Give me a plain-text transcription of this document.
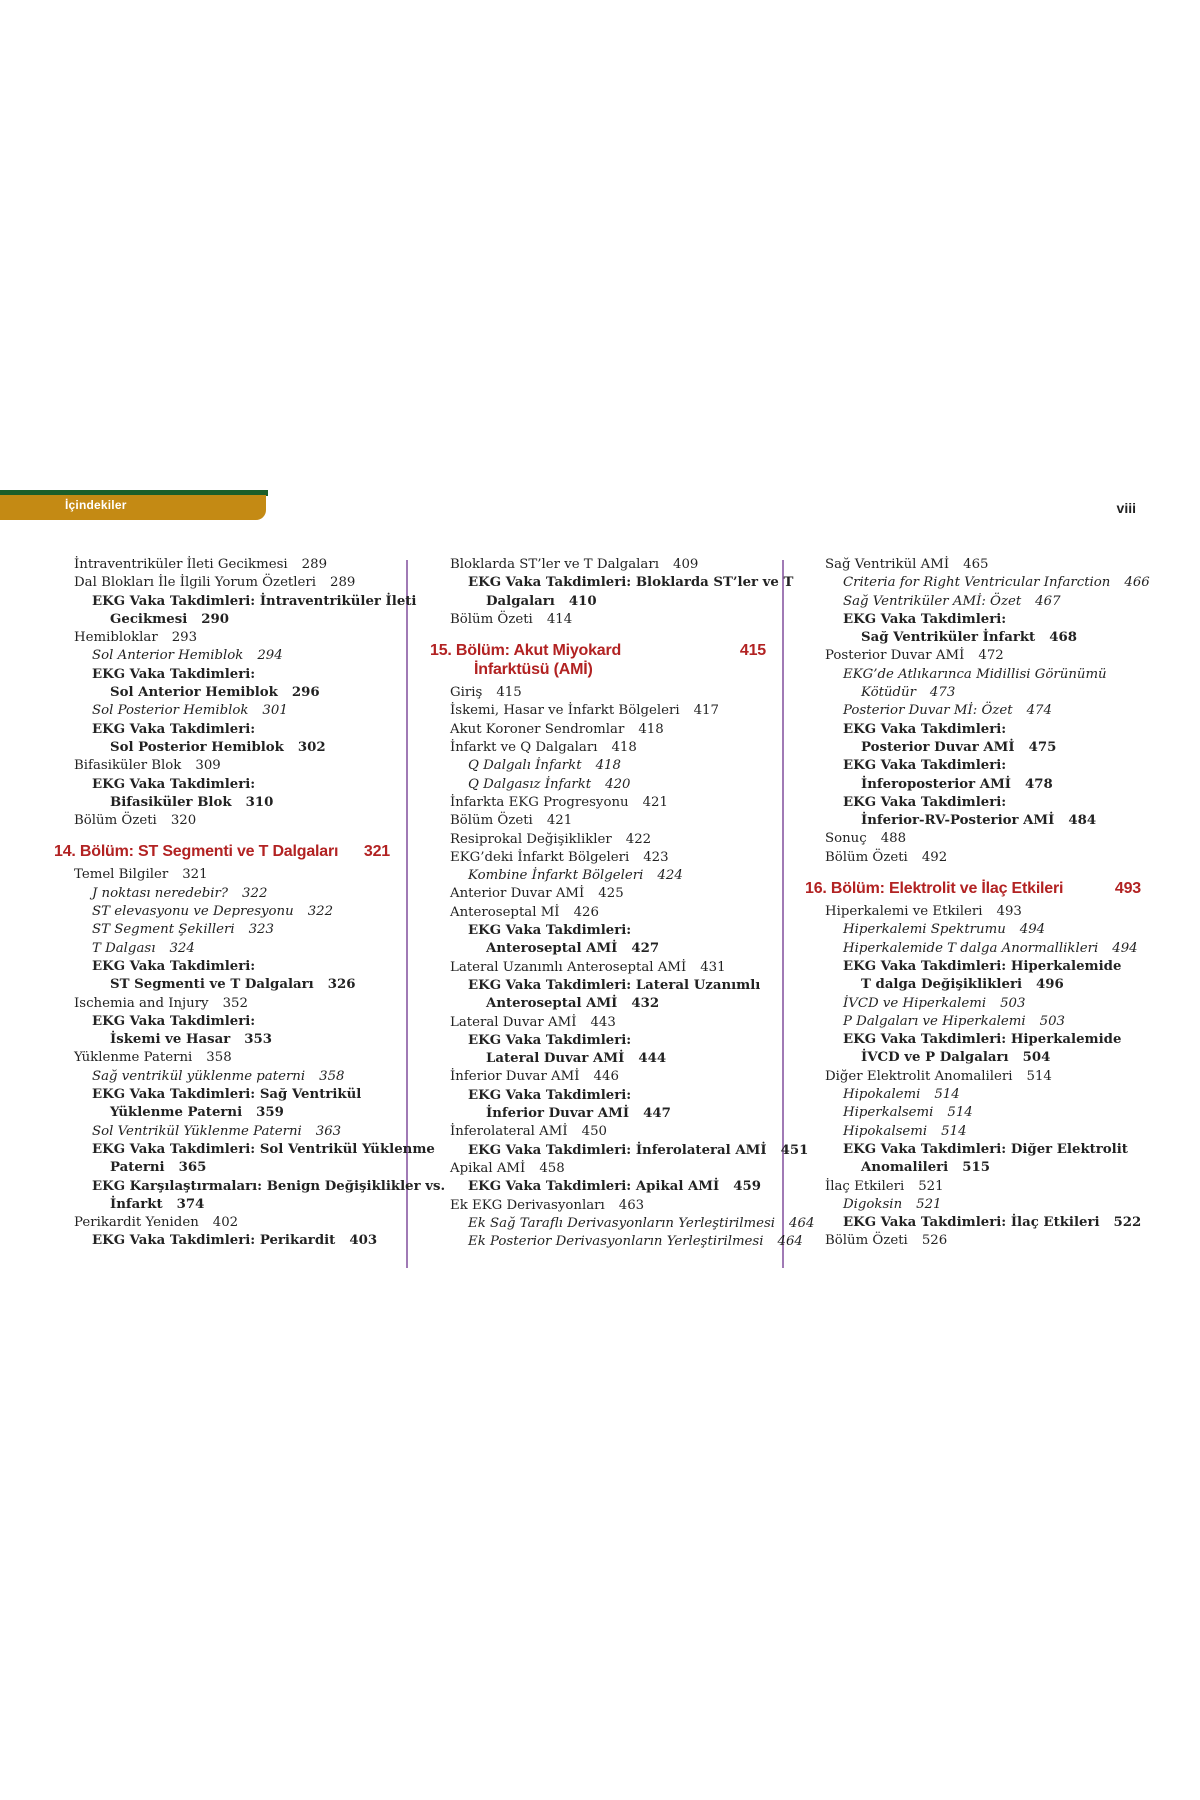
İçindekiler	viii
İntraventriküler İleti Gecikmesi 289
Dal Blokları İle İlgili Yorum Özetleri 289
EKG Vaka Takdimleri: İntraventriküler İleti
Gecikmesi 290
Hemibloklar 293
Sol Anterior Hemiblok 294
EKG Vaka Takdimleri:
Sol Anterior Hemiblok 296
Sol Posterior Hemiblok 301
EKG Vaka Takdimleri:
Sol Posterior Hemiblok 302
Bifasiküler Blok 309
EKG Vaka Takdimleri:
Bifasiküler Blok 310
Bölüm Özeti 320
14. Bölüm: ST Segmenti ve T Dalgaları 321
Temel Bilgiler 321
J noktası neredebir? 322
ST elevasyonu ve Depresyonu 322
ST Segment Şekilleri 323
T Dalgası 324
EKG Vaka Takdimleri:
ST Segmenti ve T Dalgaları 326
Ischemia and Injury 352
EKG Vaka Takdimleri:
İskemi ve Hasar 353
Yüklenme Paterni 358
Sağ ventrikül yüklenme paterni 358
EKG Vaka Takdimleri: Sağ Ventrikül
Yüklenme Paterni 359
Sol Ventrikül Yüklenme Paterni 363
EKG Vaka Takdimleri: Sol Ventrikül Yüklenme
Paterni 365
EKG Karşılaştırmaları: Benign Değişiklikler vs.
İnfarkt 374
Perikardit Yeniden 402
EKG Vaka Takdimleri: Perikardit 403
Bloklarda ST’ler ve T Dalgaları 409
EKG Vaka Takdimleri: Bloklarda ST’ler ve T
Dalgaları 410
Bölüm Özeti 414
15. Bölüm: Akut Miyokard
İnfarktüsü (AMİ)
415
Giriş 415
İskemi, Hasar ve İnfarkt Bölgeleri 417
Akut Koroner Sendromlar 418
İnfarkt ve Q Dalgaları 418
Q Dalgalı İnfarkt 418
Q Dalgasız İnfarkt 420
İnfarkta EKG Progresyonu 421
Bölüm Özeti 421
Resiprokal Değişiklikler 422
EKG’deki İnfarkt Bölgeleri 423
Kombine İnfarkt Bölgeleri 424
Anterior Duvar AMİ 425
Anteroseptal Mİ 426
EKG Vaka Takdimleri:
Anteroseptal AMİ 427
Lateral Uzanımlı Anteroseptal AMİ 431
EKG Vaka Takdimleri: Lateral Uzanımlı
Anteroseptal AMİ 432
Lateral Duvar AMİ 443
EKG Vaka Takdimleri:
Lateral Duvar AMİ 444
İnferior Duvar AMİ 446
EKG Vaka Takdimleri:
İnferior Duvar AMİ 447
İnferolateral AMİ 450
EKG Vaka Takdimleri: İnferolateral AMİ 451
Apikal AMİ 458
EKG Vaka Takdimleri: Apikal AMİ 459
Ek EKG Derivasyonları 463
Ek Sağ Taraflı Derivasyonların Yerleştirilmesi 464
Ek Posterior Derivasyonların Yerleştirilmesi 464
Sağ Ventrikül AMİ 465
Criteria for Right Ventricular Infarction 466
Sağ Ventriküler AMİ: Özet 467
EKG Vaka Takdimleri:
Sağ Ventriküler İnfarkt 468
Posterior Duvar AMİ 472
EKG’de Atlıkarınca Midillisi Görünümü
Kötüdür 473
Posterior Duvar Mİ: Özet 474
EKG Vaka Takdimleri:
Posterior Duvar AMİ 475
EKG Vaka Takdimleri:
İnferoposterior AMİ 478
EKG Vaka Takdimleri:
İnferior-RV-Posterior AMİ 484
Sonuç 488
Bölüm Özeti 492
16. Bölüm: Elektrolit ve İlaç Etkileri	493
Hiperkalemi ve Etkileri 493
Hiperkalemi Spektrumu 494
Hiperkalemide T dalga Anormallikleri 494
EKG Vaka Takdimleri: Hiperkalemide
T dalga Değişiklikleri 496
İVCD ve Hiperkalemi 503
P Dalgaları ve Hiperkalemi 503
EKG Vaka Takdimleri: Hiperkalemide
İVCD ve P Dalgaları 504
Diğer Elektrolit Anomalileri 514
Hipokalemi 514
Hiperkalsemi 514
Hipokalsemi 514
EKG Vaka Takdimleri: Diğer Elektrolit
Anomalileri 515
İlaç Etkileri 521
Digoksin 521
EKG Vaka Takdimleri: İlaç Etkileri 522
Bölüm Özeti 526
